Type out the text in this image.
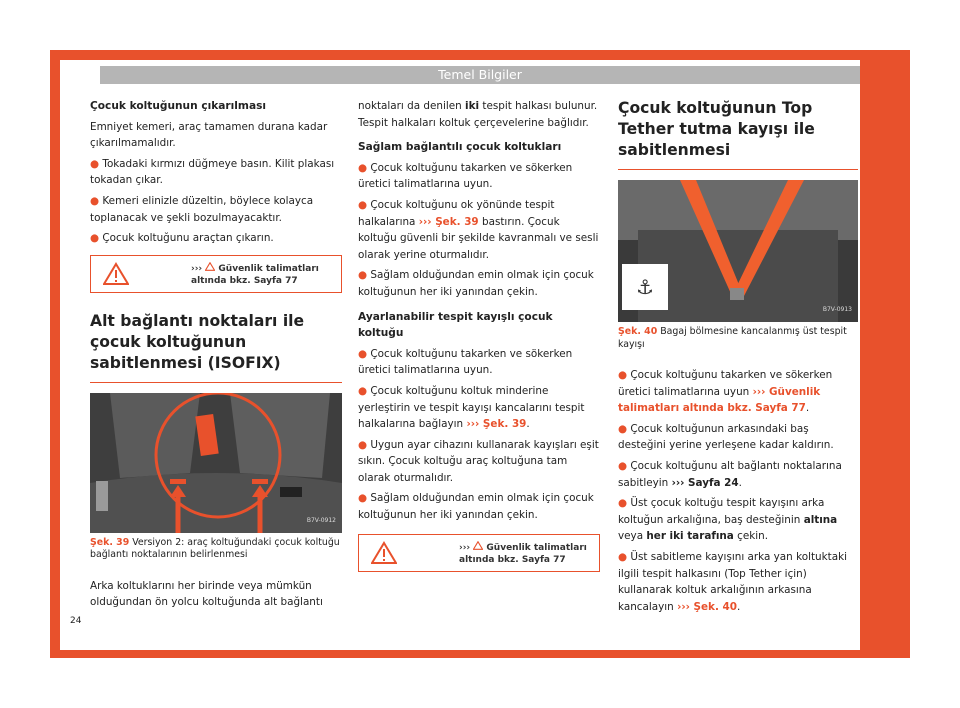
Temel Bilgiler
Çocuk koltuğunun çıkarılması

Emniyet kemeri, araç tamamen durana kadar çıkarılmamalıdır.

● Tokadaki kırmızı düğmeye basın. Kilit plakası tokadan çıkar.
● Kemeri elinizle düzeltin, böylece kolayca toplanacak ve şekli bozulmayacaktır.
● Çocuk koltuğunu araçtan çıkarın.
››› Güvenlik talimatları altında bkz. Sayfa 77
Alt bağlantı noktaları ile çocuk koltuğunun sabitlenmesi (ISOFIX)
B7V-0912
Şek. 39 Versiyon 2: araç koltuğundaki çocuk koltuğu bağlantı noktalarının belirlenmesi

Arka koltuklarını her birinde veya mümkün olduğundan ön yolcu koltuğunda alt bağlantı

noktaları da denilen iki tespit halkası bulunur. Tespit halkaları koltuk çerçevelerine bağlıdır.

Sağlam bağlantılı çocuk koltukları
● Çocuk koltuğunu takarken ve sökerken üretici talimatlarına uyun.
● Çocuk koltuğunu ok yönünde tespit halkalarına ››› Şek. 39 bastırın. Çocuk koltuğu güvenli bir şekilde kavranmalı ve sesli olarak yerine oturmalıdır.
● Sağlam olduğundan emin olmak için çocuk koltuğunun her iki yanından çekin.
Ayarlanabilir tespit kayışlı çocuk koltuğu
● Çocuk koltuğunu takarken ve sökerken üretici talimatlarına uyun.
● Çocuk koltuğunu koltuk minderine yerleştirin ve tespit kayışı kancalarını tespit halkalarına bağlayın ››› Şek. 39.
● Uygun ayar cihazını kullanarak kayışları eşit sıkın. Çocuk koltuğu araç koltuğuna tam olarak oturmalıdır.
● Sağlam olduğundan emin olmak için çocuk koltuğunun her iki yanından çekin.
››› Güvenlik talimatları altında bkz. Sayfa 77
Çocuk koltuğunun Top Tether tutma kayışı ile sabitlenmesi
⚓
B7V-0913
Şek. 40 Bagaj bölmesine kancalanmış üst tespit kayışı
● Çocuk koltuğunu takarken ve sökerken üretici talimatlarına uyun ››› Güvenlik talimatları altında bkz. Sayfa 77.
● Çocuk koltuğunun arkasındaki baş desteğini yerine yerleşene kadar kaldırın.
● Çocuk koltuğunu alt bağlantı noktalarına sabitleyin ››› Sayfa 24.
● Üst çocuk koltuğu tespit kayışını arka koltuğun arkalığına, baş desteğinin altına veya her iki tarafına çekin.
● Üst sabitleme kayışını arka yan koltuktaki ilgili tespit halkasını (Top Tether için) kullanarak koltuk arkalığının arkasına kancalayın ››› Şek. 40.
24
